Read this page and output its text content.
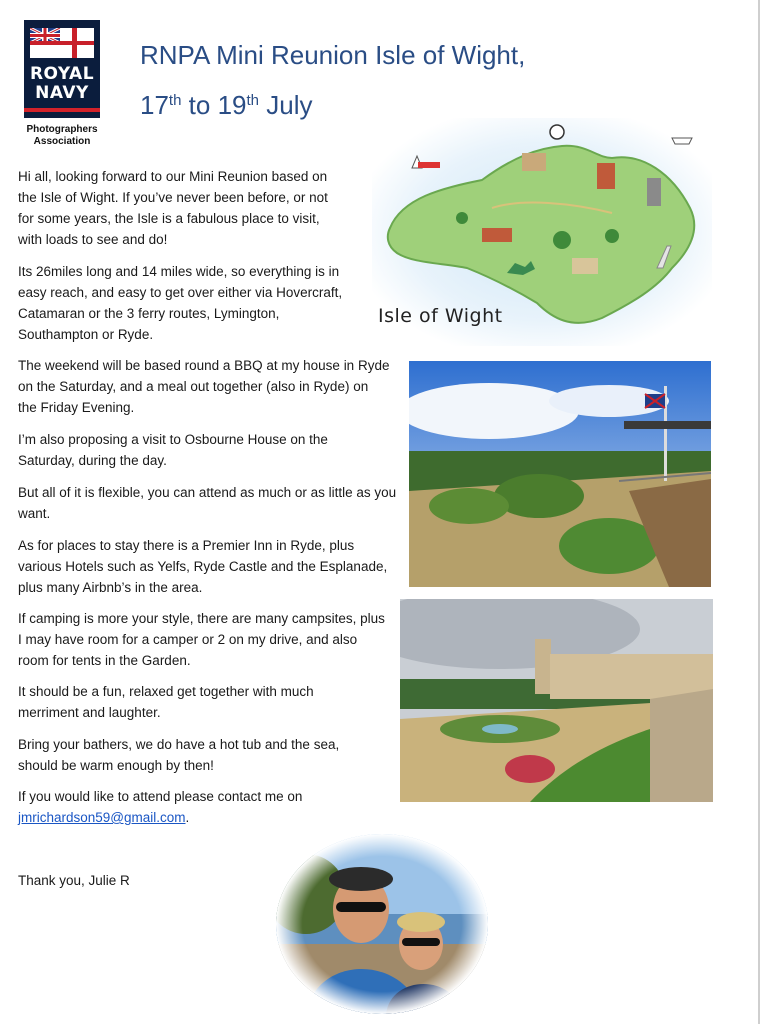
ROYAL
NAVY
Photographers
Association
RNPA Mini Reunion Isle of Wight,
17th to 19th July

Hi all, looking forward to our Mini Reunion based on the Isle of Wight. If you’ve never been before, or not for some years, the Isle is a fabulous place to visit, with loads to see and do!

Its 26miles long and 14 miles wide, so everything is in easy reach, and easy to get over either via Hovercraft, Catamaran or the 3 ferry routes, Lymington, Southampton or Ryde.

The weekend will be based round a BBQ at my house in Ryde on the Saturday, and a meal out together (also in Ryde) on the Friday Evening.

I’m also proposing a visit to Osbourne House on the Saturday, during the day.

But all of it is flexible, you can attend as much or as little as you want.

As for places to stay there is a Premier Inn in Ryde, plus various Hotels such as Yelfs, Ryde Castle and the Esplanade, plus many Airbnb’s in the area.

If camping is more your style, there are many campsites, plus I may have room for a camper or 2 on my drive, and also room for tents in the Garden.

It should be a fun, relaxed get together with much merriment and laughter.

Bring your bathers, we do have a hot tub and the sea, should be warm enough by then!

If you would like to attend please contact me on jmrichardson59@gmail.com.

Thank you, Julie R

Isle of Wight
